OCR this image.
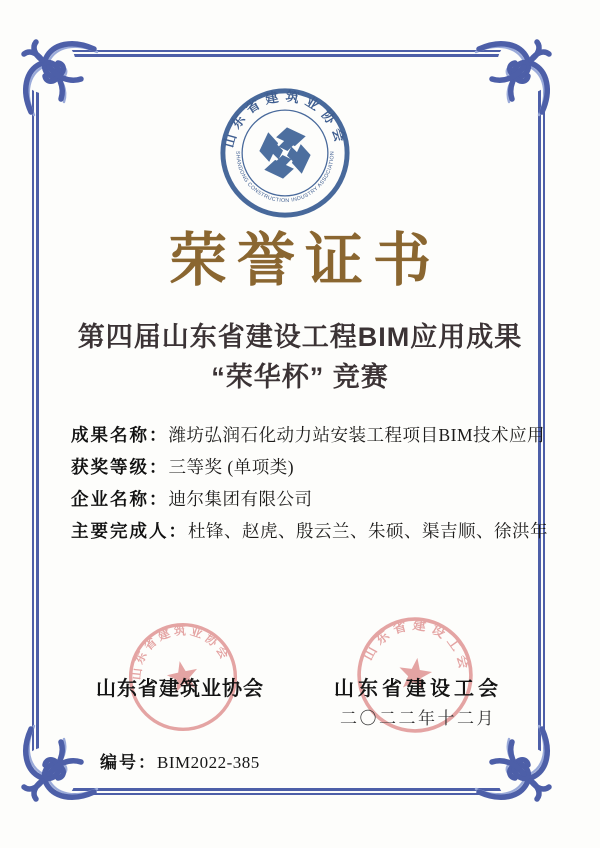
山东省建筑业协会
SHANDONG CONSTRUCTION INDUSTRY ASSOCIATION
荣誉证书
第四届山东省建设工程BIM应用成果
“荣华杯” 竞赛
成果名称：潍坊弘润石化动力站安装工程项目BIM技术应用
获奖等级：三等奖 (单项类)
企业名称：迪尔集团有限公司
主要完成人：杜锋、赵虎、殷云兰、朱硕、渠吉顺、徐洪年
山东省建筑业协会	山东省建设工会
山东省建筑业协会	山东省建设工会
二〇二二年十二月
编号：BIM2022-385
